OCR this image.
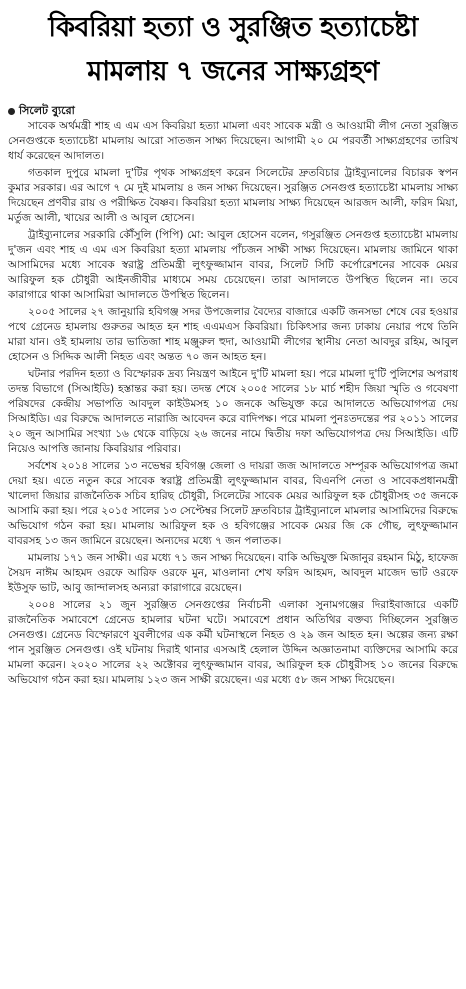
কিবরিয়া হত্যা ও সুরঞ্জিত হত্যাচেষ্টা
মামলায় ৭ জনের সাক্ষ্যগ্রহণ
সিলেট ব্যুরো

সাবেক অর্থমন্ত্রী শাহ এ এম এস কিবরিয়া হত্যা মামলা এবং সাবেক মন্ত্রী ও আওয়ামী লীগ নেতা সুরঞ্জিত সেনগুপ্তকে হত্যাচেষ্টা মামলায় আরো সাতজন সাক্ষ্য দিয়েছেন। আগামী ২০ মে পরবর্তী সাক্ষ্যগ্রহণের তারিখ ধার্য করেছেন আদালত।

গতকাল দুপুরে মামলা দু'টির পৃথক সাক্ষ্যগ্রহণ করেন সিলেটের দ্রুতবিচার ট্রাইব্যুনালের বিচারক স্বপন কুমার সরকার। এর আগে ৭ মে দুই মামলায় ৪ জন সাক্ষ্য দিয়েছেন। সুরঞ্জিত সেনগুপ্ত হত্যাচেষ্টা মামলায় সাক্ষ্য দিয়েছেন প্রণবীর রায় ও পরীক্ষিত বৈষ্ণব। কিবরিয়া হত্যা মামলায় সাক্ষ্য দিয়েছেন আরজদ আলী, ফরিদ মিয়া, মর্তুজ আলী, খায়ের আলী ও আবুল হোসেন।

ট্রাইব্যুনালের সরকারি কৌঁসুলি (পিপি) মো: আবুল হোসেন বলেন, গসুরঞ্জিত সেনগুপ্ত হত্যাচেষ্টা মামলায় দু'জন এবং শাহ এ এম এস কিবরিয়া হত্যা মামলায় পাঁচজন সাক্ষী সাক্ষ্য দিয়েছেন। মামলায় জামিনে থাকা আসামিদের মধ্যে সাবেক স্বরাষ্ট্র প্রতিমন্ত্রী লুৎফুজ্জামান বাবর, সিলেট সিটি কর্পোরেশনের সাবেক মেয়র আরিফুল হক চৌধুরী আইনজীবীর মাধ্যমে সময় চেয়েছেন। তারা আদালতে উপস্থিত ছিলেন না। তবে কারাগারে থাকা আসামিরা আদালতে উপস্থিত ছিলেন।

২০০৫ সালের ২৭ জানুয়ারি হবিগঞ্জ সদর উপজেলার বৈদ্যের বাজারে একটি জনসভা শেষে বের হওয়ার পথে গ্রেনেড হামলায় গুরুতর আহত হন শাহ এএমএস কিবরিয়া। চিকিৎসার জন্য ঢাকায় নেয়ার পথে তিনি মারা যান। ওই হামলায় তার ভাতিজা শাহ মঞ্জুরুল হুদা, আওয়ামী লীগের স্থানীয় নেতা আবদুর রহিম, আবুল হোসেন ও সিদ্দিক আলী নিহত এবং অন্তত ৭০ জন আহত হন।

ঘটনার পরদিন হত্যা ও বিস্ফোরক দ্রব্য নিয়ন্ত্রণ আইনে দু'টি মামলা হয়। পরে মামলা দু'টি পুলিশের অপরাধ তদন্ত বিভাগে (সিআইডি) হস্তান্তর করা হয়। তদন্ত শেষে ২০০৫ সালের ১৮ মার্চ শহীদ জিয়া স্মৃতি ও গবেষণা পরিষদের কেন্দ্রীয় সভাপতি আবদুল কাইউমসহ ১০ জনকে অভিযুক্ত করে আদালতে অভিযোগপত্র দেয় সিআইডি। এর বিরুদ্ধে আদালতে নারাজি আবেদন করে বাদিপক্ষ। পরে মামলা পুনঃতদন্তের পর ২০১১ সালের ২০ জুন আসামির সংখ্যা ১৬ থেকে বাড়িয়ে ২৬ জনের নামে দ্বিতীয় দফা অভিযোগপত্র দেয় সিআইডি। এটি নিয়েও আপত্তি জানায় কিবরিয়ার পরিবার।

সর্বশেষ ২০১৪ সালের ১৩ নভেম্বর হবিগঞ্জ জেলা ও দায়রা জজ আদালতে সম্পূরক অভিযোগপত্র জমা দেয়া হয়। এতে নতুন করে সাবেক স্বরাষ্ট্র প্রতিমন্ত্রী লুৎফুজ্জামান বাবর, বিএনপি নেতা ও সাবেকপ্রধানমন্ত্রী খালেদা জিয়ার রাজনৈতিক সচিব হারিছ চৌধুরী, সিলেটের সাবেক মেয়র আরিফুল হক চৌধুরীসহ ৩৫ জনকে আসামি করা হয়। পরে ২০১৫ সালের ১৩ সেপ্টেম্বর সিলেট দ্রুতবিচার ট্রাইব্যুনালে মামলার আসামিদের বিরুদ্ধে অভিযোগ গঠন করা হয়। মামলায় আরিফুল হক ও হবিগঞ্জের সাবেক মেয়র জি কে গৌছ, লুৎফুজ্জামান বাবরসহ ১৩ জন জামিনে রয়েছেন। অন্যদের মধ্যে ৭ জন পলাতক।

মামলায় ১৭১ জন সাক্ষী। এর মধ্যে ৭১ জন সাক্ষ্য দিয়েছেন। বাকি অভিযুক্ত মিজানুর রহমান মিঠু, হাফেজ সৈয়দ নাঈম আহমদ ওরফে আরিফ ওরফে মুন, মাওলানা শেখ ফরিদ আহমদ, আবদুল মাজেদ ভাট ওরফে ইউসুফ ভাট, আবু জান্দালসহ অন্যরা কারাগারে রয়েছেন।

২০০৪ সালের ২১ জুন সুরঞ্জিত সেনগুপ্তের নির্বাচনী এলাকা সুনামগঞ্জের দিরাইবাজারে একটি রাজনৈতিক সমাবেশে গ্রেনেড হামলার ঘটনা ঘটে। সমাবেশে প্রধান অতিথির বক্তব্য দিচ্ছিলেন সুরঞ্জিত সেনগুপ্ত। গ্রেনেড বিস্ফোরণে যুবলীগের এক কর্মী ঘটনাস্থলে নিহত ও ২৯ জন আহত হন। অল্পের জন্য রক্ষা পান সুরঞ্জিত সেনগুপ্ত। ওই ঘটনায় দিরাই থানার এসআই হেলাল উদ্দিন অজ্ঞাতনামা ব্যক্তিদের আসামি করে মামলা করেন। ২০২০ সালের ২২ অক্টোবর লুৎফুজ্জামান বাবর, আরিফুল হক চৌধুরীসহ ১০ জনের বিরুদ্ধে অভিযোগ গঠন করা হয়। মামলায় ১২৩ জন সাক্ষী রয়েছেন। এর মধ্যে ৫৮ জন সাক্ষ্য দিয়েছেন।
